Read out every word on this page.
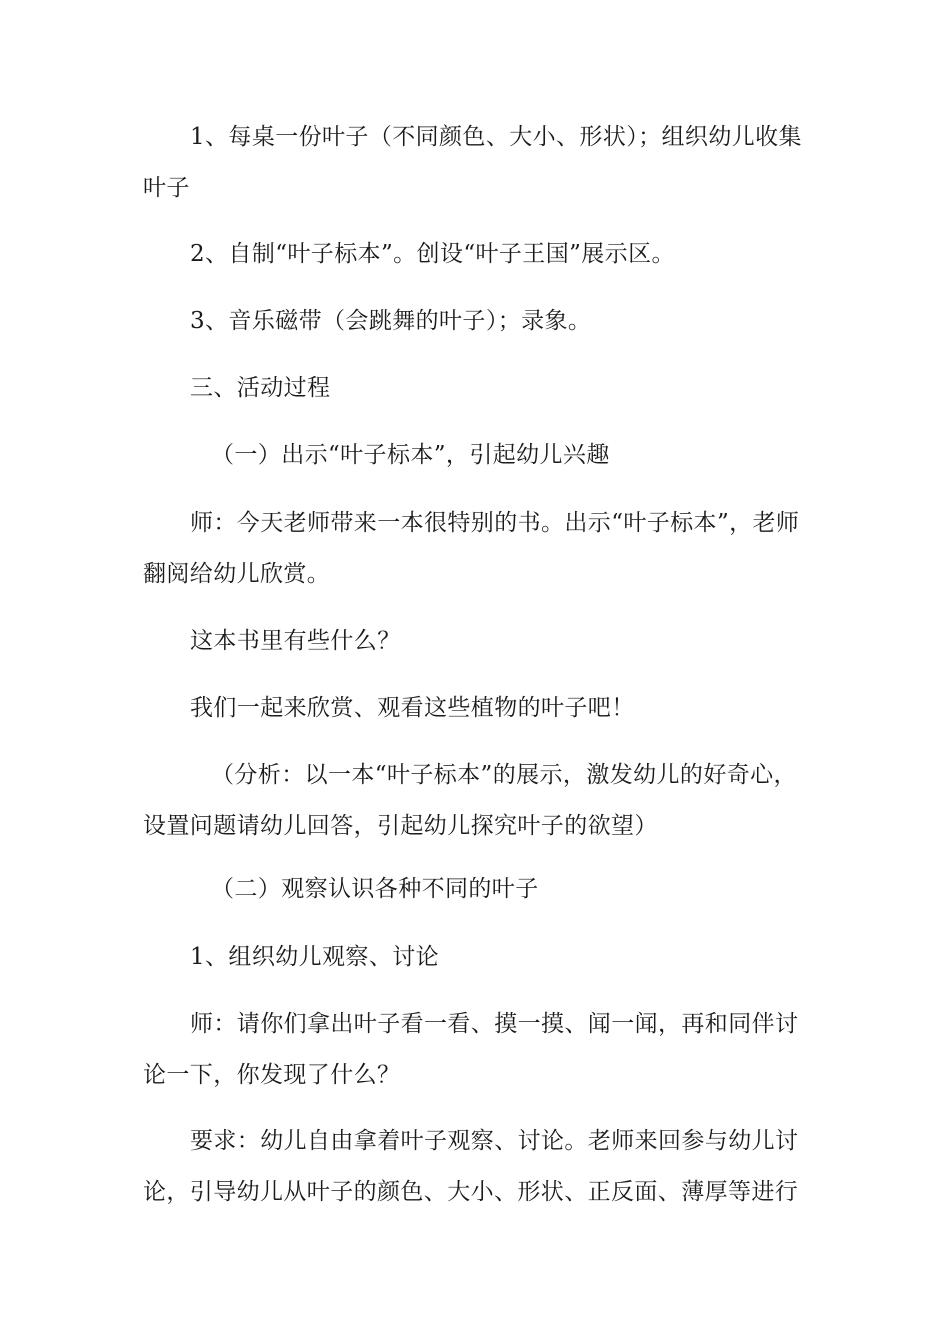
1、每桌一份叶子（不同颜色、大小、形状）；组织幼儿收集叶子

2、自制“叶子标本”。创设“叶子王国”展示区。

3、音乐磁带（会跳舞的叶子）；录象。

三、活动过程

（一）出示“叶子标本”，引起幼儿兴趣

师：今天老师带来一本很特别的书。出示“叶子标本”，老师翻阅给幼儿欣赏。

这本书里有些什么？

我们一起来欣赏、观看这些植物的叶子吧！

（分析：以一本“叶子标本”的展示，激发幼儿的好奇心，设置问题请幼儿回答，引起幼儿探究叶子的欲望）

（二）观察认识各种不同的叶子

1、组织幼儿观察、讨论

师：请你们拿出叶子看一看、摸一摸、闻一闻，再和同伴讨论一下，你发现了什么？

要求：幼儿自由拿着叶子观察、讨论。老师来回参与幼儿讨论，引导幼儿从叶子的颜色、大小、形状、正反面、薄厚等进行
